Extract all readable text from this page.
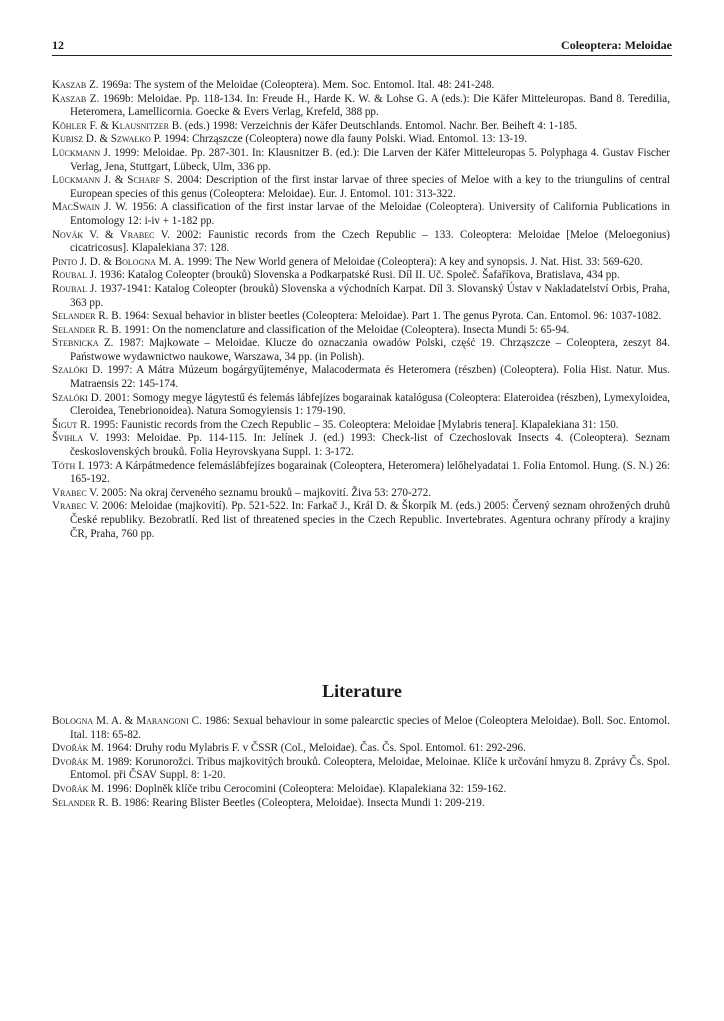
12	Coleoptera: Meloidae

Kaszab Z. 1969a: The system of the Meloidae (Coleoptera). Mem. Soc. Entomol. Ital. 48: 241-248.

Kaszab Z. 1969b: Meloidae. Pp. 118-134. In: Freude H., Harde K. W. & Lohse G. A (eds.): Die Käfer Mitteleuropas. Band 8. Teredilia, Heteromera, Lamellicornia. Goecke & Evers Verlag, Krefeld, 388 pp.

Köhler F. & Klausnitzer B. (eds.) 1998: Verzeichnis der Käfer Deutschlands. Entomol. Nachr. Ber. Beiheft 4: 1-185.

Kubisz D. & Szwałko P. 1994: Chrząszcze (Coleoptera) nowe dla fauny Polski. Wiad. Entomol. 13: 13-19.

Lückmann J. 1999: Meloidae. Pp. 287-301. In: Klausnitzer B. (ed.): Die Larven der Käfer Mitteleuropas 5. Polyphaga 4. Gustav Fischer Verlag, Jena, Stuttgart, Lübeck, Ulm, 336 pp.

Lückmann J. & Scharf S. 2004: Description of the first instar larvae of three species of Meloe with a key to the triungulins of central European species of this genus (Coleoptera: Meloidae). Eur. J. Entomol. 101: 313-322.

MacSwain J. W. 1956: A classification of the first instar larvae of the Meloidae (Coleoptera). University of California Publications in Entomology 12: i-iv + 1-182 pp.

Novák V. & Vrabec V. 2002: Faunistic records from the Czech Republic – 133. Coleoptera: Meloidae [Meloe (Meloegonius) cicatricosus]. Klapalekiana 37: 128.

Pinto J. D. & Bologna M. A. 1999: The New World genera of Meloidae (Coleoptera): A key and synopsis. J. Nat. Hist. 33: 569-620.

Roubal J. 1936: Katalog Coleopter (brouků) Slovenska a Podkarpatské Rusi. Díl II. Uč. Společ. Šafaříkova, Bratislava, 434 pp.

Roubal J. 1937-1941: Katalog Coleopter (brouků) Slovenska a východních Karpat. Díl 3. Slovanský Ústav v Nakladatelství Orbis, Praha, 363 pp.

Selander R. B. 1964: Sexual behavior in blister beetles (Coleoptera: Meloidae). Part 1. The genus Pyrota. Can. Entomol. 96: 1037-1082.

Selander R. B. 1991: On the nomenclature and classification of the Meloidae (Coleoptera). Insecta Mundi 5: 65-94.

Stebnicka Z. 1987: Majkowate – Meloidae. Klucze do oznaczania owadów Polski, część 19. Chrząszcze – Coleoptera, zeszyt 84. Państwowe wydawnictwo naukowe, Warszawa, 34 pp. (in Polish).

Szalóki D. 1997: A Mátra Múzeum bogárgyűjteménye, Malacodermata és Heteromera (részben) (Coleoptera). Folia Hist. Natur. Mus. Matraensis 22: 145-174.

Szalóki D. 2001: Somogy megye lágytestű és felemás lábfejízes bogarainak katalógusa (Coleoptera: Elateroidea (részben), Lymexyloidea, Cleroidea, Tenebrionoidea). Natura Somogyiensis 1: 179-190.

Šigut R. 1995: Faunistic records from the Czech Republic – 35. Coleoptera: Meloidae [Mylabris tenera]. Klapalekiana 31: 150.

Švihla V. 1993: Meloidae. Pp. 114-115. In: Jelínek J. (ed.) 1993: Check-list of Czechoslovak Insects 4. (Coleoptera). Seznam československých brouků. Folia Heyrovskyana Suppl. 1: 3-172.

Tóth I. 1973: A Kárpátmedence felemáslábfejízes bogarainak (Coleoptera, Heteromera) lelőhelyadatai 1. Folia Entomol. Hung. (S. N.) 26: 165-192.

Vrabec V. 2005: Na okraj červeného seznamu brouků – majkovití. Živa 53: 270-272.

Vrabec V. 2006: Meloidae (majkovití). Pp. 521-522. In: Farkač J., Král D. & Škorpík M. (eds.) 2005: Červený seznam ohrožených druhů České republiky. Bezobratlí. Red list of threatened species in the Czech Republic. Invertebrates. Agentura ochrany přírody a krajiny ČR, Praha, 760 pp.

Literature

Bologna M. A. & Marangoni C. 1986: Sexual behaviour in some palearctic species of Meloe (Coleoptera Meloidae). Boll. Soc. Entomol. Ital. 118: 65-82.

Dvořák M. 1964: Druhy rodu Mylabris F. v ČSSR (Col., Meloidae). Čas. Čs. Spol. Entomol. 61: 292-296.

Dvořák M. 1989: Korunorožci. Tribus majkovitých brouků. Coleoptera, Meloidae, Meloinae. Klíče k určování hmyzu 8. Zprávy Čs. Spol. Entomol. při ČSAV Suppl. 8: 1-20.

Dvořák M. 1996: Doplněk klíče tribu Cerocomini (Coleoptera: Meloidae). Klapalekiana 32: 159-162.

Selander R. B. 1986: Rearing Blister Beetles (Coleoptera, Meloidae). Insecta Mundi 1: 209-219.
